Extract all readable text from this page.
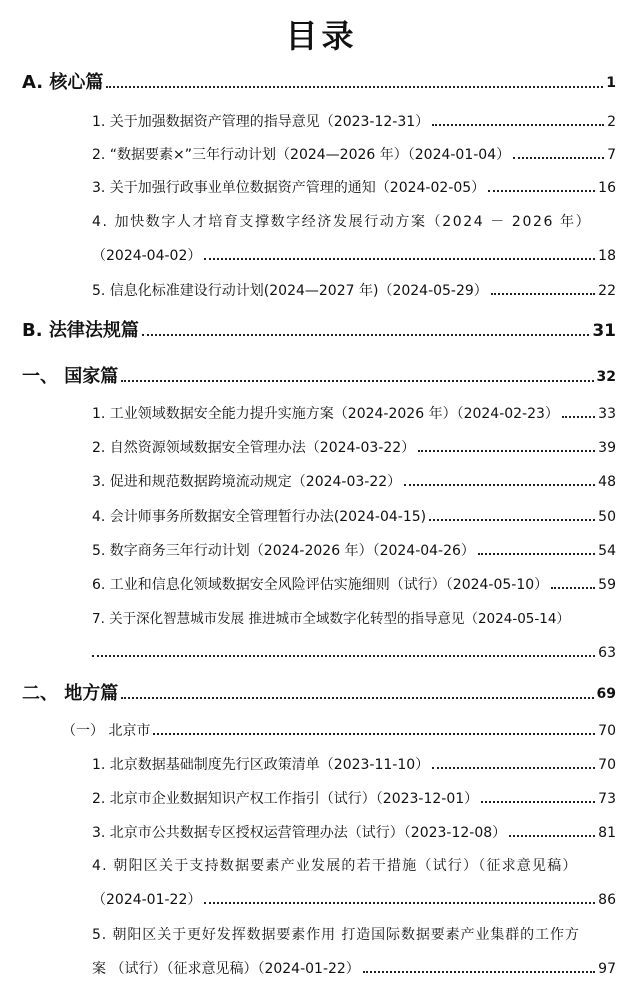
目录
A. 核心篇	1
1. 关于加强数据资产管理的指导意见（2023-12-31）	2
2. “数据要素×”三年行动计划（2024—2026 年）（2024-01-04）	7
3. 关于加强行政事业单位数据资产管理的通知（2024-02-05）	16
4. 加快数字人才培育支撑数字经济发展行动方案（2024 － 2026 年）
（2024-04-02）	18
5. 信息化标准建设行动计划(2024—2027 年)（2024-05-29）	22
B. 法律法规篇	31
一、 国家篇	32
1. 工业领域数据安全能力提升实施方案（2024-2026 年）（2024-02-23）	33
2. 自然资源领域数据安全管理办法（2024-03-22）	39
3. 促进和规范数据跨境流动规定（2024-03-22）	48
4. 会计师事务所数据安全管理暂行办法(2024-04-15)	50
5. 数字商务三年行动计划（2024-2026 年）（2024-04-26）	54
6. 工业和信息化领域数据安全风险评估实施细则（试行）（2024-05-10）	59
7. 关于深化智慧城市发展 推进城市全域数字化转型的指导意见（2024-05-14）
63
二、 地方篇	69
（一） 北京市	70
1. 北京数据基础制度先行区政策清单（2023-11-10）	70
2. 北京市企业数据知识产权工作指引（试行）（2023-12-01）	73
3. 北京市公共数据专区授权运营管理办法（试行）（2023-12-08）	81
4. 朝阳区关于支持数据要素产业发展的若干措施（试行）（征求意见稿）
（2024-01-22）	86
5. 朝阳区关于更好发挥数据要素作用 打造国际数据要素产业集群的工作方
案 （试行）（征求意见稿）（2024-01-22）	97
